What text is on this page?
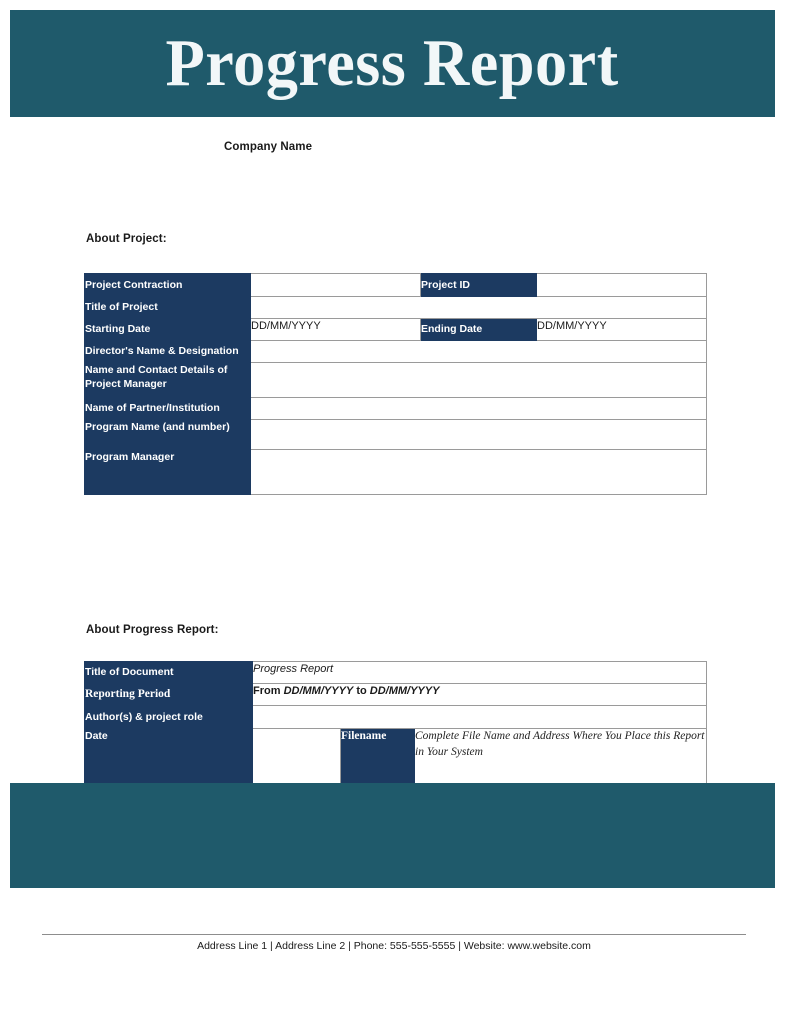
Progress Report
Company Name
About Project:
Project Contraction		Project ID	
Title of Project			
Starting Date	DD/MM/YYYY	Ending Date	DD/MM/YYYY
Director's Name & Designation			
Name and Contact Details of Project Manager			
Name of Partner/Institution			
Program Name (and number)			
Program Manager			
About Progress Report:
Title of Document	Progress Report		
Reporting Period	From DD/MM/YYYY to DD/MM/YYYY		
Author(s) & project role			
Date		Filename	Complete File Name and Address Where You Place this Report in Your System
Address Line 1 | Address Line 2 | Phone: 555-555-5555 | Website: www.website.com
